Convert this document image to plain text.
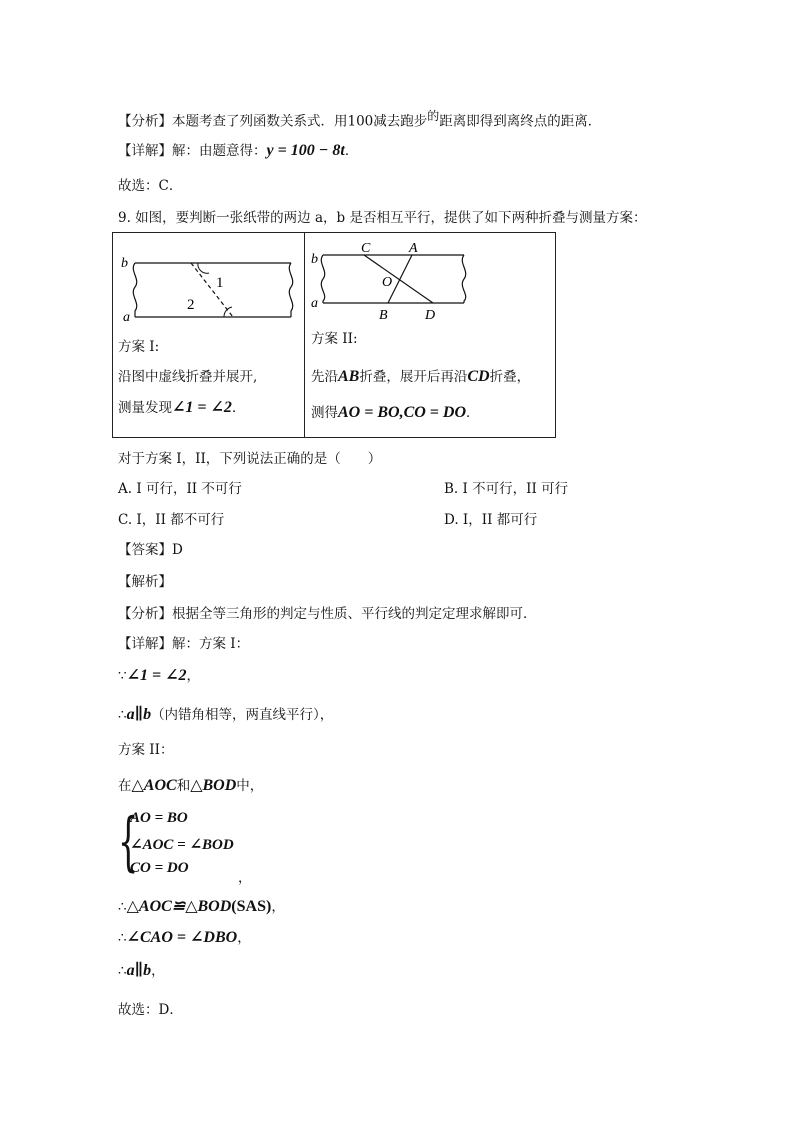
【分析】本题考查了列函数关系式．用100减去跑步$^的$距离即得到离终点的距离．
【详解】解：由题意得：y = 100 − 8t．
故选：C．
9. 如图，要判断一张纸带的两边 a，b 是否相互平行，提供了如下两种折叠与测量方案：
b
a
1
2
方案 I:
沿图中虚线折叠并展开,
测量发现∠1 = ∠2．
C	A
b
O
a
B	D
方案 II:
先沿AB折叠，展开后再沿CD折叠，
测得AO = BO,CO = DO．
对于方案 I，II，下列说法正确的是（　　）
A. I 可行，II 不可行	B. I 不可行，II 可行
C. I，II 都不可行	D. I，II 都可行
【答案】D
【解析】
【分析】根据全等三角形的判定与性质、平行线的判定定理求解即可．
【详解】解：方案 I：
∵∠1 = ∠2，
∴a∥b（内错角相等，两直线平行），
方案 II：
在△AOC和△BOD中，
{
AO = BO
∠AOC = ∠BOD
CO = DO
，
∴△AOC≌△BOD(SAS)，
∴∠CAO = ∠DBO，
∴a∥b，
故选：D．
